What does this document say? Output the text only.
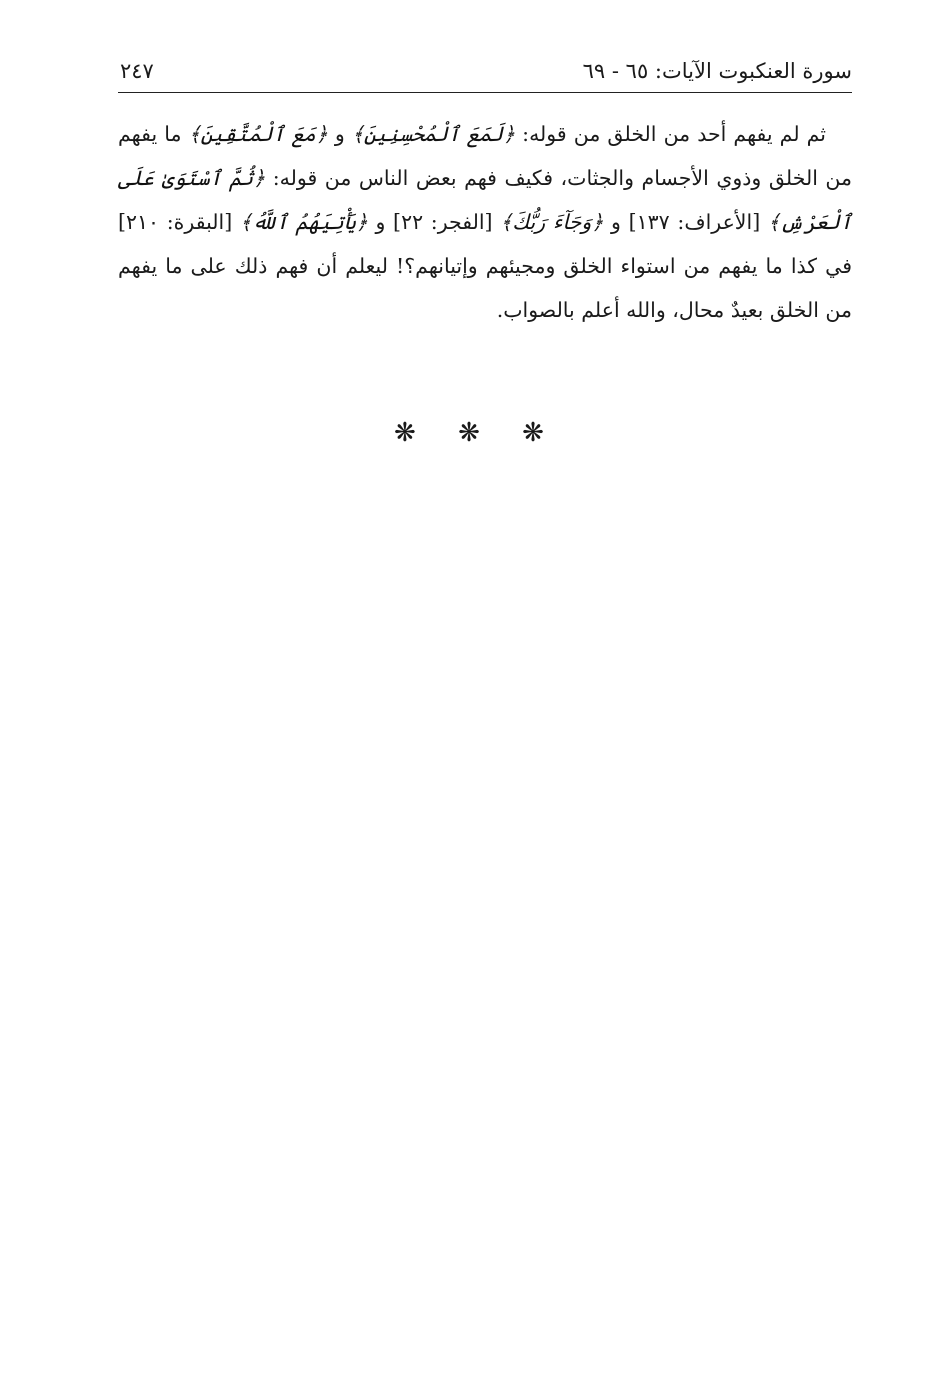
سورة العنكبوت الآيات: ٦٥ - ٦٩
٢٤٧

ثم لم يفهم أحد من الخلق من قوله: ﴿لَمَعَ ٱلْمُحْسِنِينَ﴾ و ﴿مَعَ ٱلْمُتَّقِينَ﴾ ما يفهم من الخلق وذوي الأجسام والجثات، فكيف فهم بعض الناس من قوله: ﴿ثُمَّ ٱسْتَوَىٰ عَلَى ٱلْعَرْشِ﴾ [الأعراف: ١٣٧] و ﴿وَجَآءَ رَبُّكَ﴾ [الفجر: ٢٢] و ﴿يَأْتِيَهُمُ ٱللَّهُ﴾ [البقرة: ٢١٠] في كذا ما يفهم من استواء الخلق ومجيئهم وإتيانهم؟! ليعلم أن فهم ذلك على ما يفهم من الخلق بعيدٌ محال، والله أعلم بالصواب.

❋ ❋ ❋
